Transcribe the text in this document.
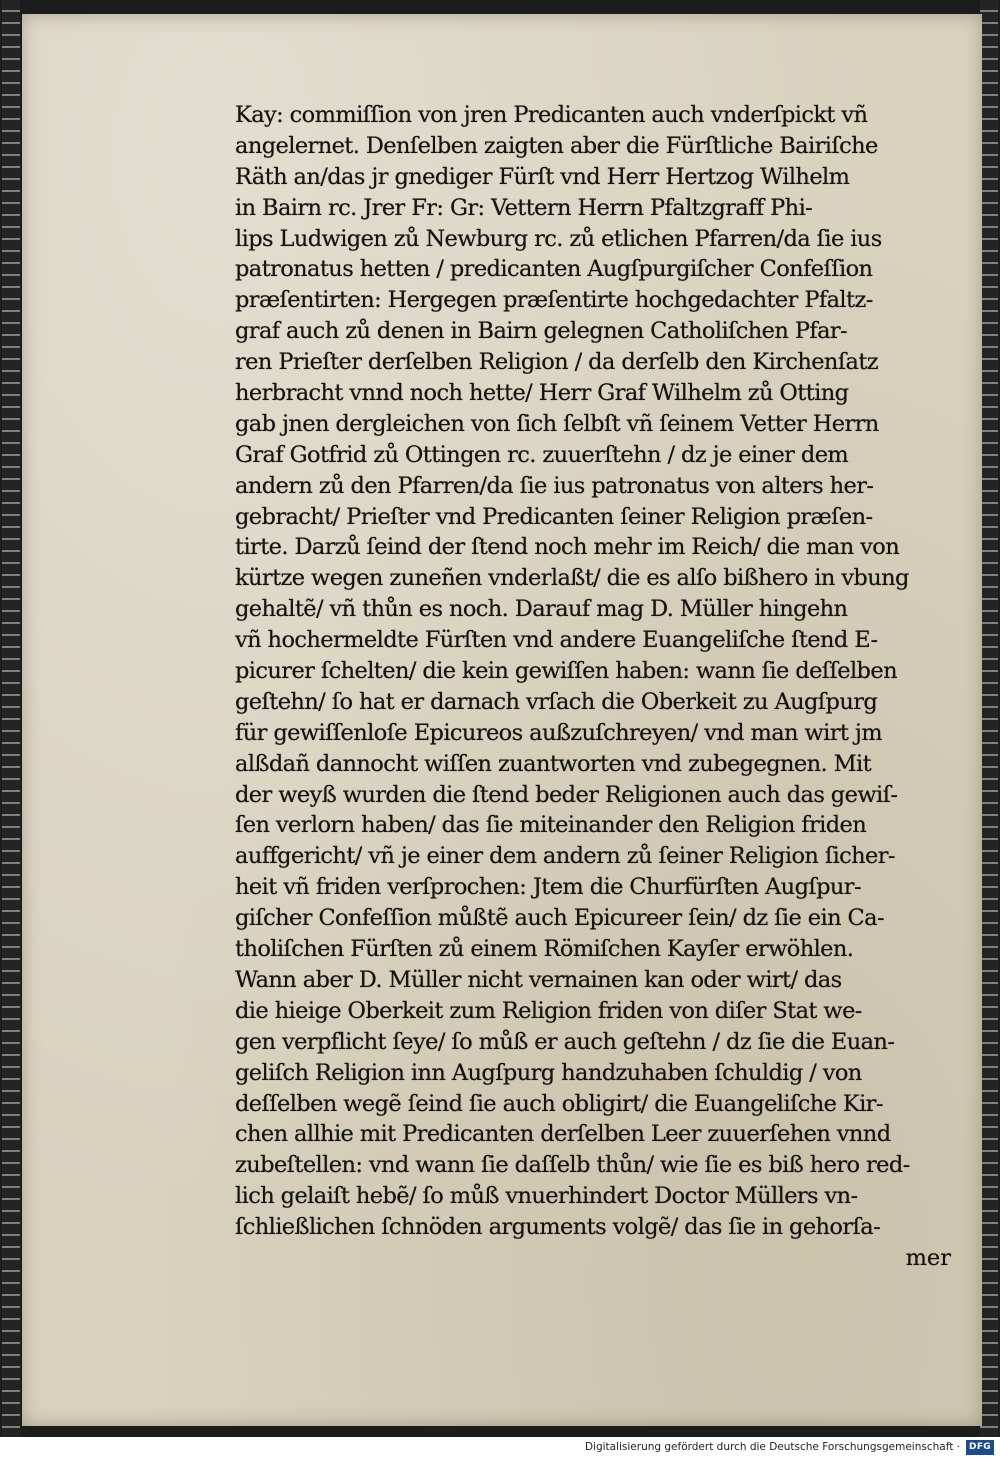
Kay: commiſſion von jren Predicanten auch vnderſpickt vñ
angelernet. Denſelben zaigten aber die Fürſtliche Bairiſche
Räth an/das jr gnediger Fürſt vnd Herr Hertzog Wilhelm
in Bairn rc. Jrer Fr: Gr: Vettern Herrn Pfaltzgraff Phi-
lips Ludwigen zů Newburg rc. zů etlichen Pfarren/da ſie ius
patronatus hetten / predicanten Augſpurgiſcher Confeſſion
præſentirten: Hergegen præſentirte hochgedachter Pfaltz-
graf auch zů denen in Bairn gelegnen Catholiſchen Pfar-
ren Prieſter derſelben Religion / da derſelb den Kirchenſatz
herbracht vnnd noch hette/ Herr Graf Wilhelm zů Otting
gab jnen dergleichen von ſich ſelbſt vñ ſeinem Vetter Herrn
Graf Gotfrid zů Ottingen rc. zuuerſtehn / dz je einer dem
andern zů den Pfarren/da ſie ius patronatus von alters her-
gebracht/ Prieſter vnd Predicanten ſeiner Religion præſen-
tirte. Darzů ſeind der ſtend noch mehr im Reich/ die man von
kürtze wegen zuneñen vnderlaßt/ die es alſo bißhero in vbung
gehaltẽ/ vñ thůn es noch. Darauf mag D. Müller hingehn
vñ hochermeldte Fürſten vnd andere Euangeliſche ſtend E-
picurer ſchelten/ die kein gewiſſen haben: wann ſie deſſelben
geſtehn/ ſo hat er darnach vrſach die Oberkeit zu Augſpurg
für gewiſſenloſe Epicureos außzuſchreyen/ vnd man wirt jm
alßdañ dannocht wiſſen zuantworten vnd zubegegnen. Mit
der weyß wurden die ſtend beder Religionen auch das gewiſ-
ſen verlorn haben/ das ſie miteinander den Religion friden
auffgericht/ vñ je einer dem andern zů ſeiner Religion ſicher-
heit vñ friden verſprochen: Jtem die Churfürſten Augſpur-
giſcher Confeſſion můßtẽ auch Epicureer ſein/ dz ſie ein Ca-
tholiſchen Fürſten zů einem Römiſchen Kayſer erwöhlen.
Wann aber D. Müller nicht vernainen kan oder wirt/ das
die hieige Oberkeit zum Religion friden von diſer Stat we-
gen verpflicht ſeye/ ſo můß er auch geſtehn / dz ſie die Euan-
geliſch Religion inn Augſpurg handzuhaben ſchuldig / von
deſſelben wegẽ ſeind ſie auch obligirt/ die Euangeliſche Kir-
chen allhie mit Predicanten derſelben Leer zuuerſehen vnnd
zubeſtellen: vnd wann ſie daſſelb thůn/ wie ſie es biß hero red-
lich gelaiſt hebẽ/ ſo můß vnuerhindert Doctor Müllers vn-
ſchließlichen ſchnöden arguments volgẽ/ das ſie in gehorſa-
mer
Digitalisierung gefördert durch die Deutsche Forschungsgemeinschaft ·	DFG
